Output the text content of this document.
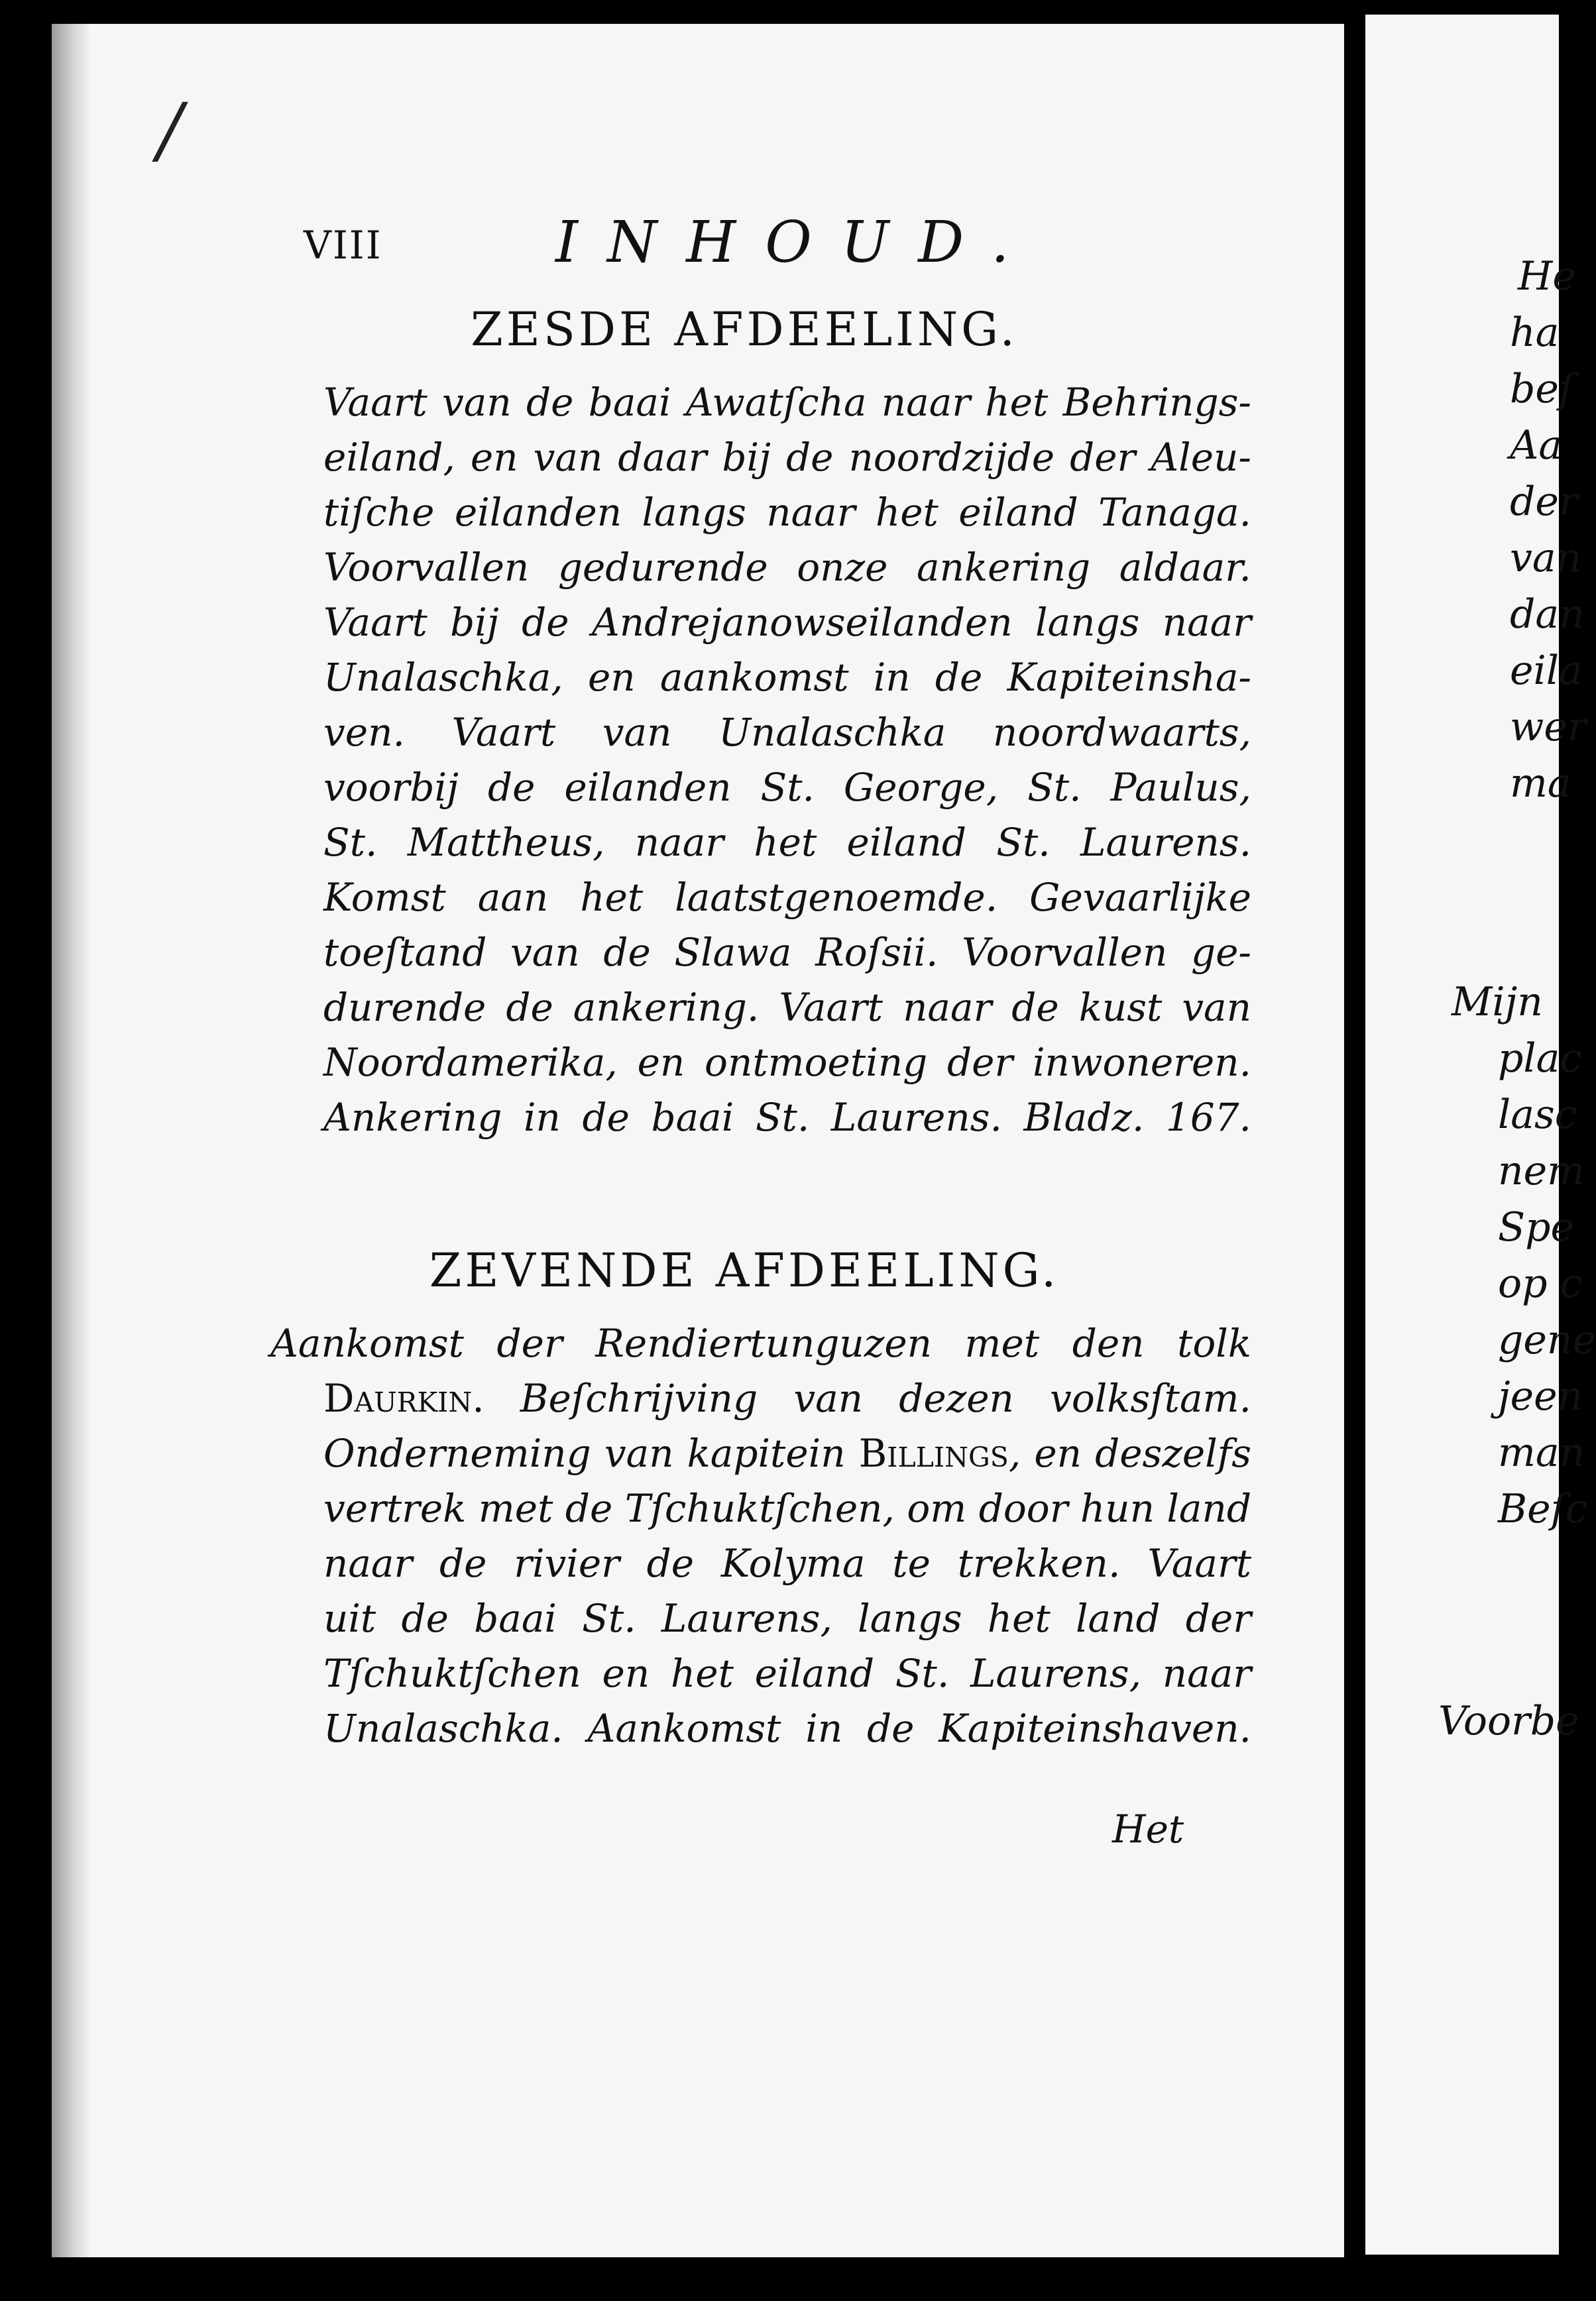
/
VIII	INHOUD.
ZESDE AFDEELING.
Vaart van de baai Awatſcha naar het Behrings-
eiland, en van daar bij de noordzijde der Aleu-
tiſche eilanden langs naar het eiland Tanaga.
Voorvallen gedurende onze ankering aldaar.
Vaart bij de Andrejanowseilanden langs naar
Unalaschka, en aankomst in de Kapiteinsha-
ven. Vaart van Unalaschka noordwaarts,
voorbij de eilanden St. George, St. Paulus,
St. Mattheus, naar het eiland St. Laurens.
Komst aan het laatstgenoemde. Gevaarlijke
toeſtand van de Slawa Roſsii. Voorvallen ge-
durende de ankering. Vaart naar de kust van
Noordamerika, en ontmoeting der inwoneren.
Ankering in de baai St. Laurens. Bladz. 167.
ZEVENDE AFDEELING.
Aankomst der Rendiertunguzen met den tolk
Daurkin. Beſchrijving van dezen volksſtam.
Onderneming van kapitein Billings, en deszelfs
vertrek met de Tſchuktſchen, om door hun land
naar de rivier de Kolyma te trekken. Vaart
uit de baai St. Laurens, langs het land der
Tſchuktſchen en het eiland St. Laurens, naar
Unalaschka. Aankomst in de Kapiteinshaven.
Het
He
ha
beſ
Aa
der
van
dan
eila
wer
ma
Mijn
plac
lasc
nem
Spe
op c
gene
jeen
man
Beſc
Voorbe
